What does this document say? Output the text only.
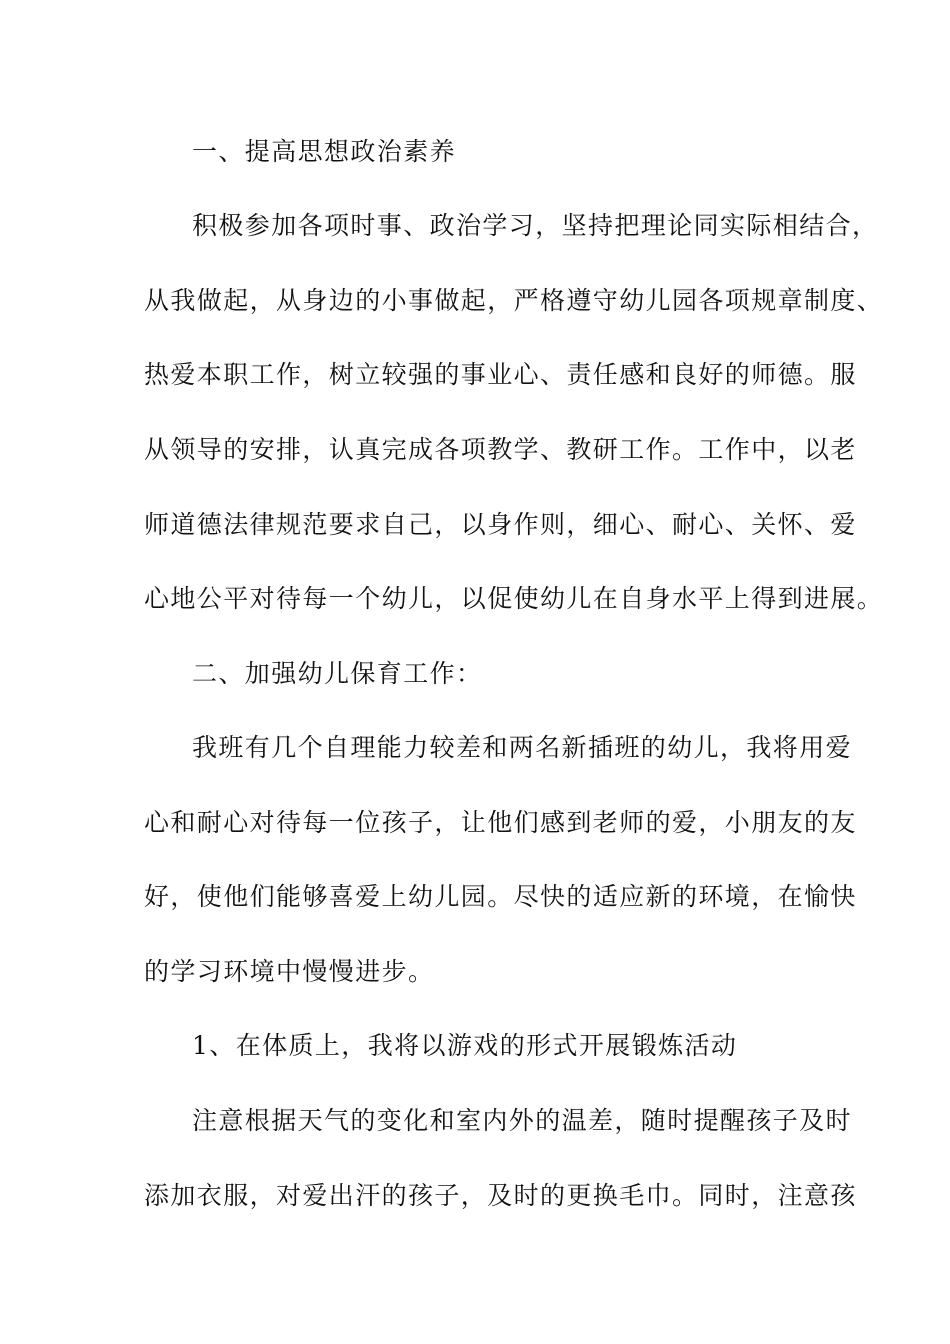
一、提高思想政治素养
积极参加各项时事、政治学习，坚持把理论同实际相结合，
从我做起，从身边的小事做起，严格遵守幼儿园各项规章制度、
热爱本职工作，树立较强的事业心、责任感和良好的师德。服
从领导的安排，认真完成各项教学、教研工作。工作中，以老
师道德法律规范要求自己，以身作则，细心、耐心、关怀、爱
心地公平对待每一个幼儿，以促使幼儿在自身水平上得到进展。
二、加强幼儿保育工作：
我班有几个自理能力较差和两名新插班的幼儿，我将用爱
心和耐心对待每一位孩子，让他们感到老师的爱，小朋友的友
好，使他们能够喜爱上幼儿园。尽快的适应新的环境，在愉快
的学习环境中慢慢进步。
1、在体质上，我将以游戏的形式开展锻炼活动
注意根据天气的变化和室内外的温差，随时提醒孩子及时
添加衣服，对爱出汗的孩子，及时的更换毛巾。同时，注意孩
